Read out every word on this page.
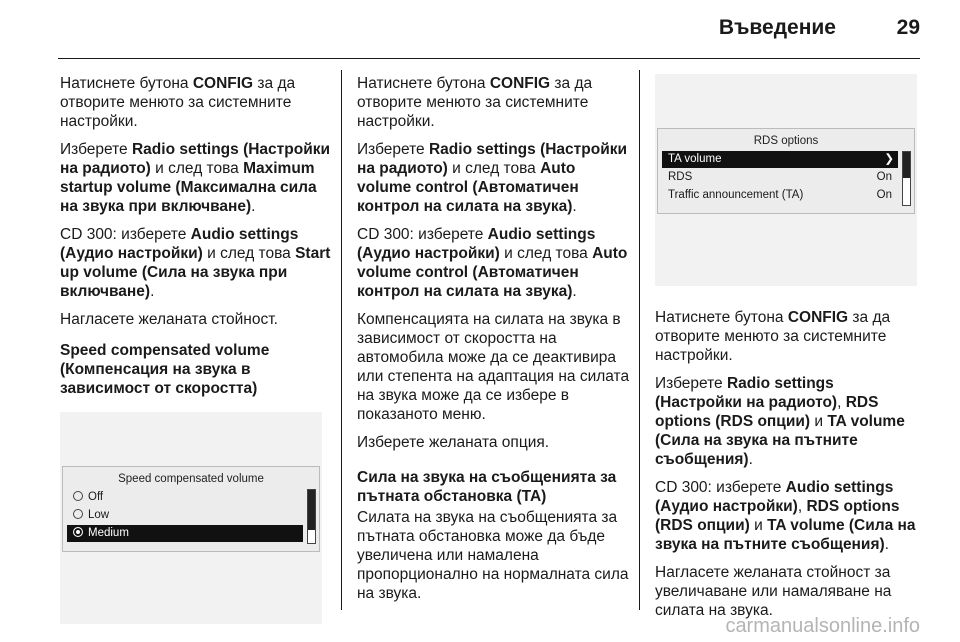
Въведение	29

Натиснете бутона CONFIG за да отворите менюто за системните настройки.

Изберете Radio settings (Настройки на радиото) и след това Maximum startup volume (Максимална сила на звука при включване).

CD 300: изберете Audio settings (Аудио настройки) и след това Start up volume (Сила на звука при включване).

Нагласете желаната стойност.

Speed compensated volume (Компенсация на звука в зависимост от скоростта)
Speed compensated volume
Off
Low
Medium

Натиснете бутона CONFIG за да отворите менюто за системните настройки.

Изберете Radio settings (Настройки на радиото) и след това Auto volume control (Автоматичен контрол на силата на звука).

CD 300: изберете Audio settings (Аудио настройки) и след това Auto volume control (Автоматичен контрол на силата на звука).

Компенсацията на силата на звука в зависимост от скоростта на автомобила може да се деактивира или степента на адаптация на силата на звука може да се избере в показаното меню.

Изберете желаната опция.

Сила на звука на съобщенията за пътната обстановка (TA)

Силата на звука на съобщенията за пътната обстановка може да бъде увеличена или намалена пропорционално на нормалната сила на звука.

RDS options
TA volume	❯
RDS	On
Traffic announcement (TA)	On

Натиснете бутона CONFIG за да отворите менюто за системните настройки.

Изберете Radio settings (Настройки на радиото), RDS options (RDS опции) и TA volume (Сила на звука на пътните съобщения).

CD 300: изберете Audio settings (Аудио настройки), RDS options (RDS опции) и TA volume (Сила на звука на пътните съобщения).

Нагласете желаната стойност за увеличаване или намаляване на силата на звука.

carmanualsonline.info
